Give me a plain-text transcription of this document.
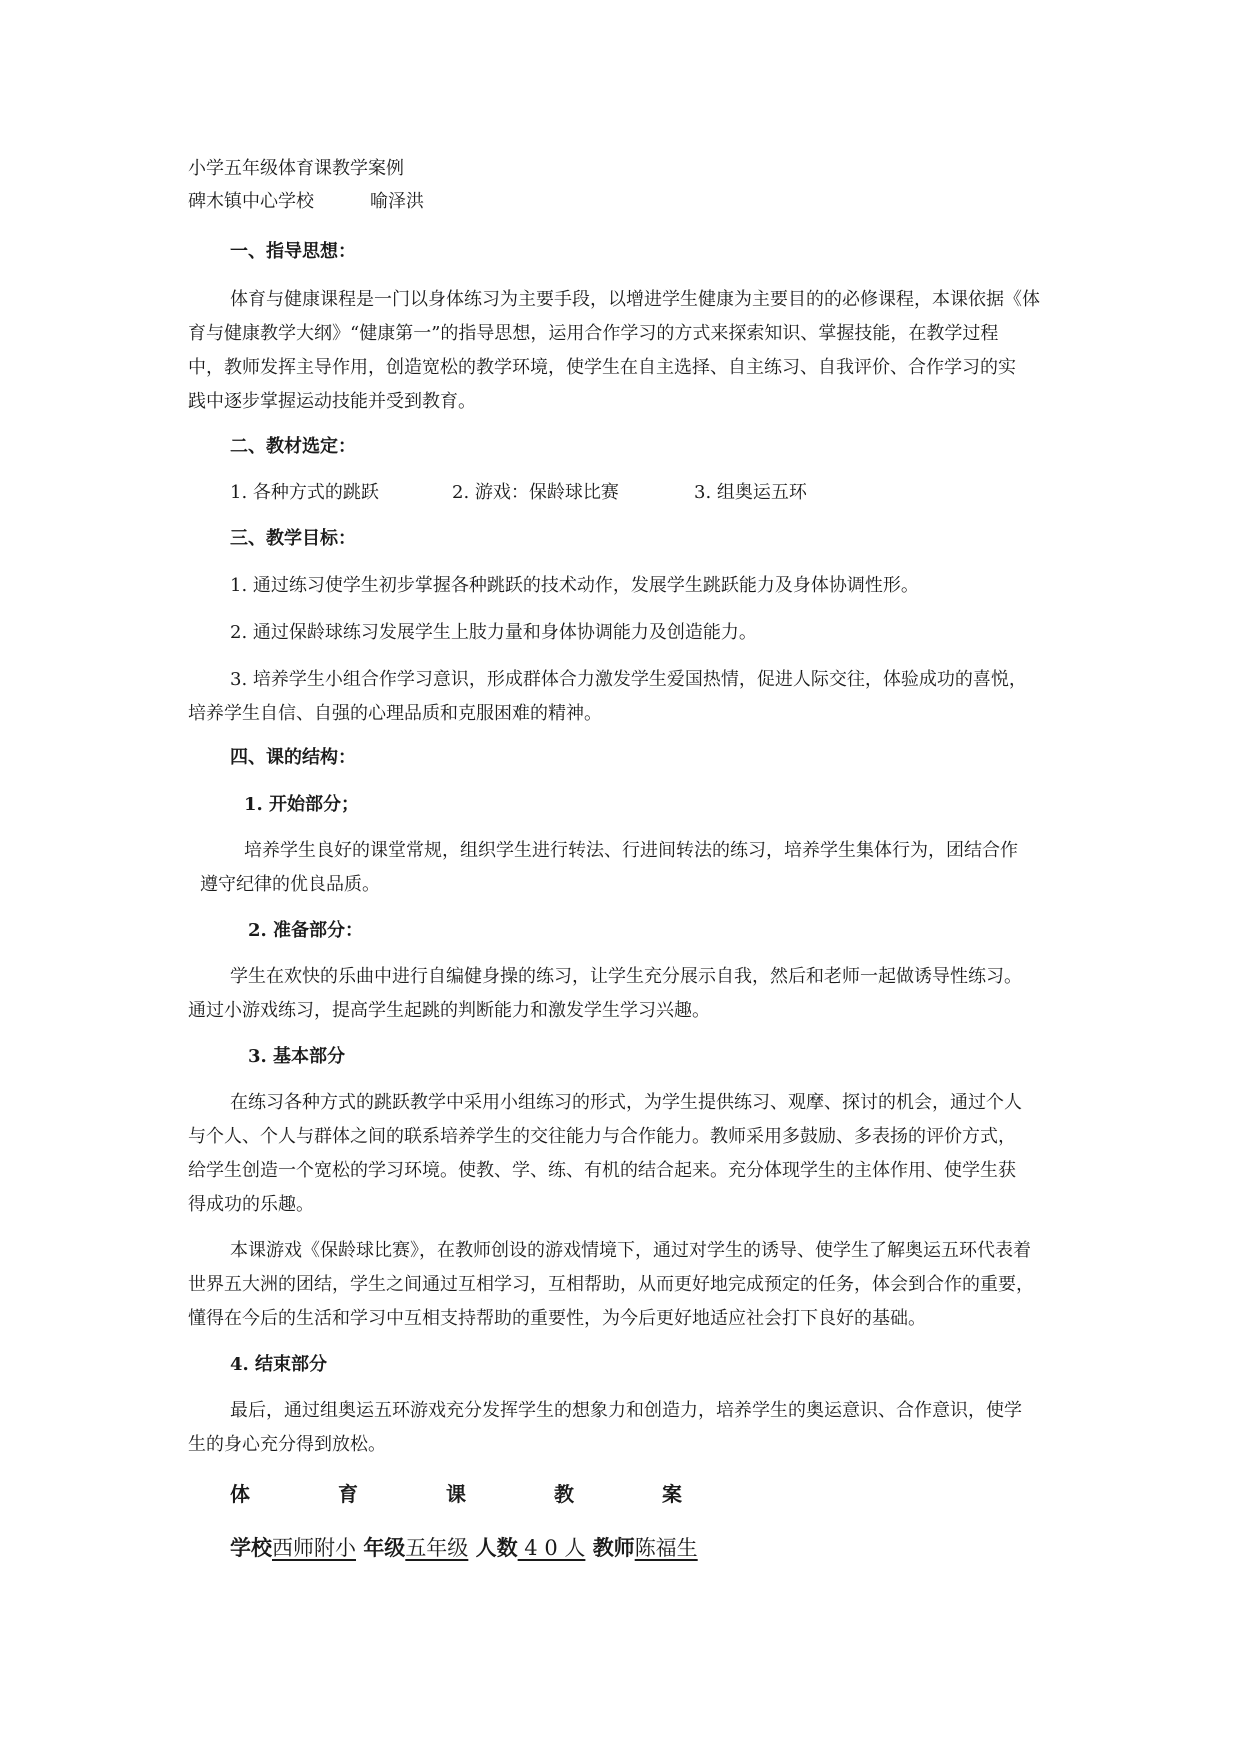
小学五年级体育课教学案例
碑木镇中心学校	喻泽洪
一、指导思想：
体育与健康课程是一门以身体练习为主要手段，以增进学生健康为主要目的的必修课程，本课依据《体
育与健康教学大纲》“健康第一”的指导思想，运用合作学习的方式来探索知识、掌握技能，在教学过程
中，教师发挥主导作用，创造宽松的教学环境，使学生在自主选择、自主练习、自我评价、合作学习的实
践中逐步掌握运动技能并受到教育。
二、教材选定：
1. 各种方式的跳跃	2. 游戏：保龄球比赛	3. 组奥运五环
三、教学目标：
1. 通过练习使学生初步掌握各种跳跃的技术动作，发展学生跳跃能力及身体协调性形。
2. 通过保龄球练习发展学生上肢力量和身体协调能力及创造能力。
3. 培养学生小组合作学习意识，形成群体合力激发学生爱国热情，促进人际交往，体验成功的喜悦，
培养学生自信、自强的心理品质和克服困难的精神。
四、课的结构：
1. 开始部分；
培养学生良好的课堂常规，组织学生进行转法、行进间转法的练习，培养学生集体行为，团结合作
遵守纪律的优良品质。
2. 准备部分：
学生在欢快的乐曲中进行自编健身操的练习，让学生充分展示自我，然后和老师一起做诱导性练习。
通过小游戏练习，提高学生起跳的判断能力和激发学生学习兴趣。
3. 基本部分
在练习各种方式的跳跃教学中采用小组练习的形式，为学生提供练习、观摩、探讨的机会，通过个人
与个人、个人与群体之间的联系培养学生的交往能力与合作能力。教师采用多鼓励、多表扬的评价方式，
给学生创造一个宽松的学习环境。使教、学、练、有机的结合起来。充分体现学生的主体作用、使学生获
得成功的乐趣。
本课游戏《保龄球比赛》，在教师创设的游戏情境下，通过对学生的诱导、使学生了解奥运五环代表着
世界五大洲的团结，学生之间通过互相学习，互相帮助，从而更好地完成预定的任务，体会到合作的重要，
懂得在今后的生活和学习中互相支持帮助的重要性，为今后更好地适应社会打下良好的基础。
4. 结束部分
最后，通过组奥运五环游戏充分发挥学生的想象力和创造力，培养学生的奥运意识、合作意识，使学
生的身心充分得到放松。
体	育	课	教	案
学校西师附小 年级五年级 人数 4 0 人 教师陈福生
